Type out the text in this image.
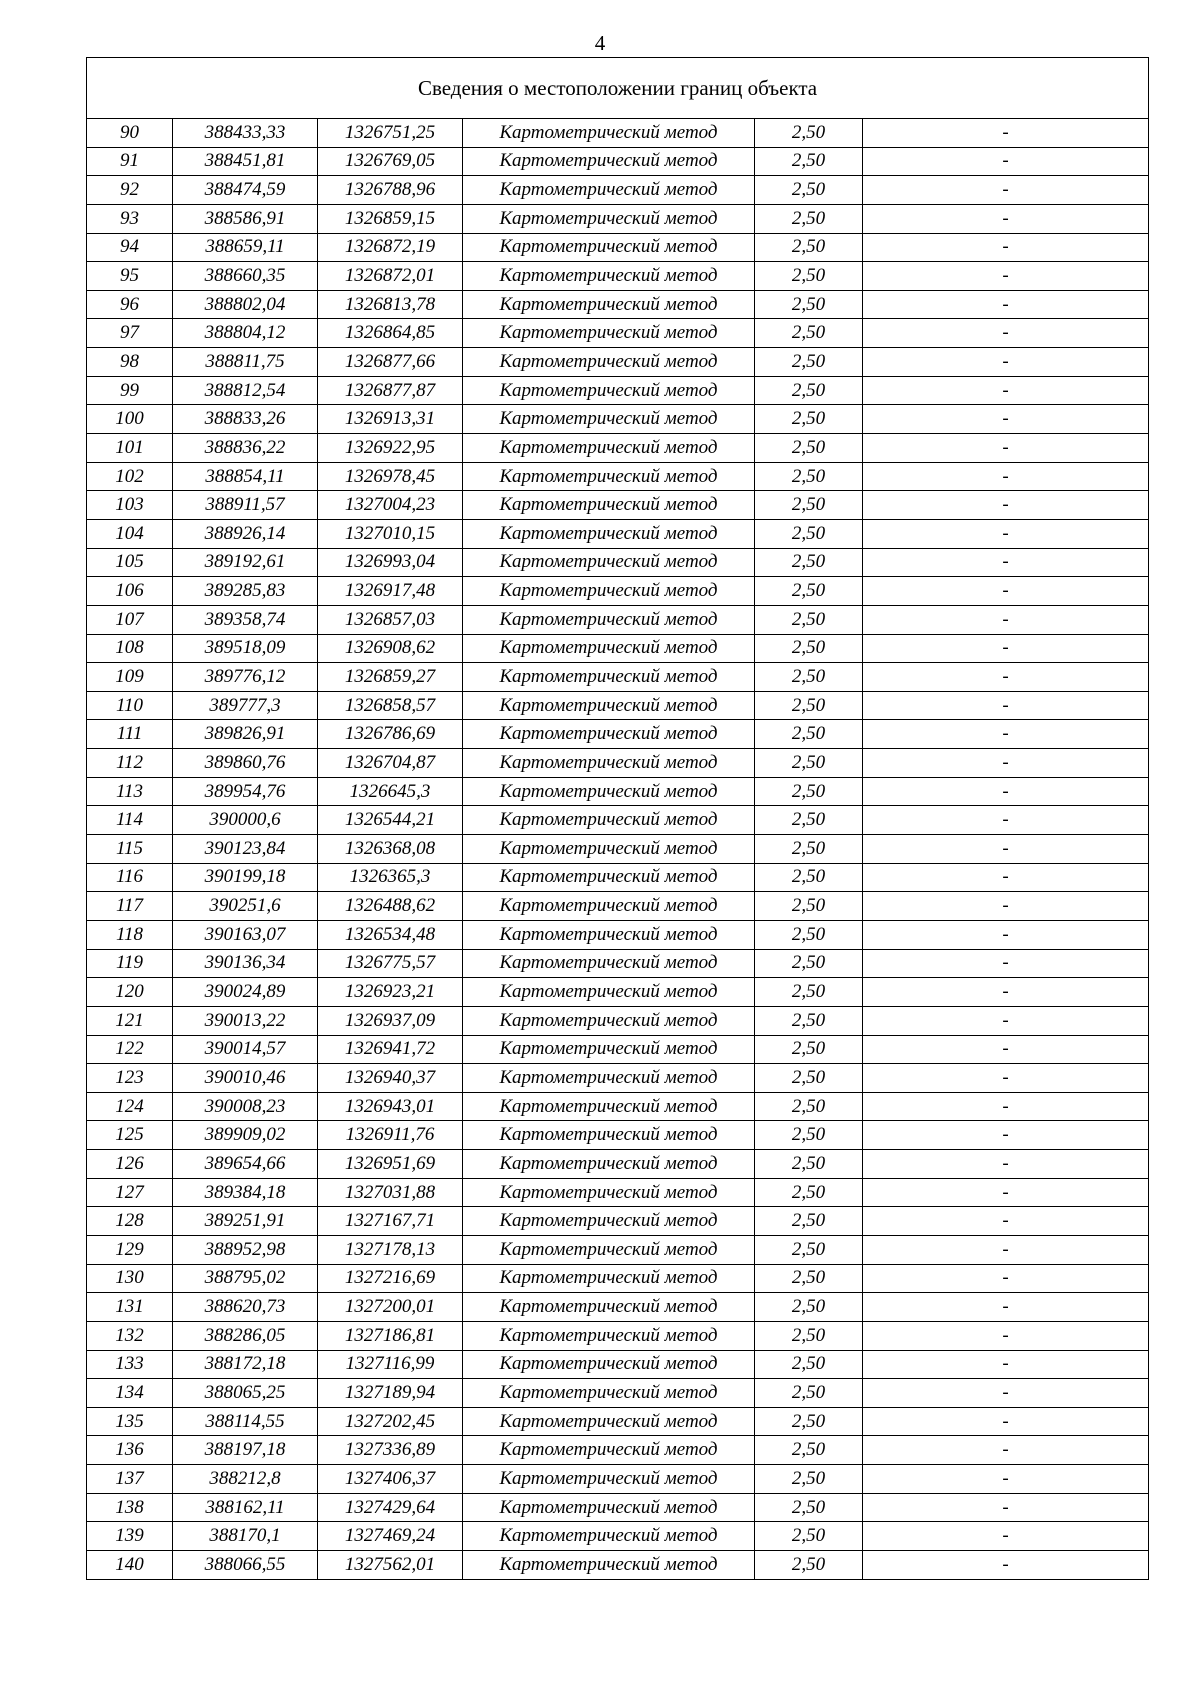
4
Сведения о местоположении границ объекта					
90	388433,33	1326751,25	Картометрический метод	2,50	-
91	388451,81	1326769,05	Картометрический метод	2,50	-
92	388474,59	1326788,96	Картометрический метод	2,50	-
93	388586,91	1326859,15	Картометрический метод	2,50	-
94	388659,11	1326872,19	Картометрический метод	2,50	-
95	388660,35	1326872,01	Картометрический метод	2,50	-
96	388802,04	1326813,78	Картометрический метод	2,50	-
97	388804,12	1326864,85	Картометрический метод	2,50	-
98	388811,75	1326877,66	Картометрический метод	2,50	-
99	388812,54	1326877,87	Картометрический метод	2,50	-
100	388833,26	1326913,31	Картометрический метод	2,50	-
101	388836,22	1326922,95	Картометрический метод	2,50	-
102	388854,11	1326978,45	Картометрический метод	2,50	-
103	388911,57	1327004,23	Картометрический метод	2,50	-
104	388926,14	1327010,15	Картометрический метод	2,50	-
105	389192,61	1326993,04	Картометрический метод	2,50	-
106	389285,83	1326917,48	Картометрический метод	2,50	-
107	389358,74	1326857,03	Картометрический метод	2,50	-
108	389518,09	1326908,62	Картометрический метод	2,50	-
109	389776,12	1326859,27	Картометрический метод	2,50	-
110	389777,3	1326858,57	Картометрический метод	2,50	-
111	389826,91	1326786,69	Картометрический метод	2,50	-
112	389860,76	1326704,87	Картометрический метод	2,50	-
113	389954,76	1326645,3	Картометрический метод	2,50	-
114	390000,6	1326544,21	Картометрический метод	2,50	-
115	390123,84	1326368,08	Картометрический метод	2,50	-
116	390199,18	1326365,3	Картометрический метод	2,50	-
117	390251,6	1326488,62	Картометрический метод	2,50	-
118	390163,07	1326534,48	Картометрический метод	2,50	-
119	390136,34	1326775,57	Картометрический метод	2,50	-
120	390024,89	1326923,21	Картометрический метод	2,50	-
121	390013,22	1326937,09	Картометрический метод	2,50	-
122	390014,57	1326941,72	Картометрический метод	2,50	-
123	390010,46	1326940,37	Картометрический метод	2,50	-
124	390008,23	1326943,01	Картометрический метод	2,50	-
125	389909,02	1326911,76	Картометрический метод	2,50	-
126	389654,66	1326951,69	Картометрический метод	2,50	-
127	389384,18	1327031,88	Картометрический метод	2,50	-
128	389251,91	1327167,71	Картометрический метод	2,50	-
129	388952,98	1327178,13	Картометрический метод	2,50	-
130	388795,02	1327216,69	Картометрический метод	2,50	-
131	388620,73	1327200,01	Картометрический метод	2,50	-
132	388286,05	1327186,81	Картометрический метод	2,50	-
133	388172,18	1327116,99	Картометрический метод	2,50	-
134	388065,25	1327189,94	Картометрический метод	2,50	-
135	388114,55	1327202,45	Картометрический метод	2,50	-
136	388197,18	1327336,89	Картометрический метод	2,50	-
137	388212,8	1327406,37	Картометрический метод	2,50	-
138	388162,11	1327429,64	Картометрический метод	2,50	-
139	388170,1	1327469,24	Картометрический метод	2,50	-
140	388066,55	1327562,01	Картометрический метод	2,50	-
